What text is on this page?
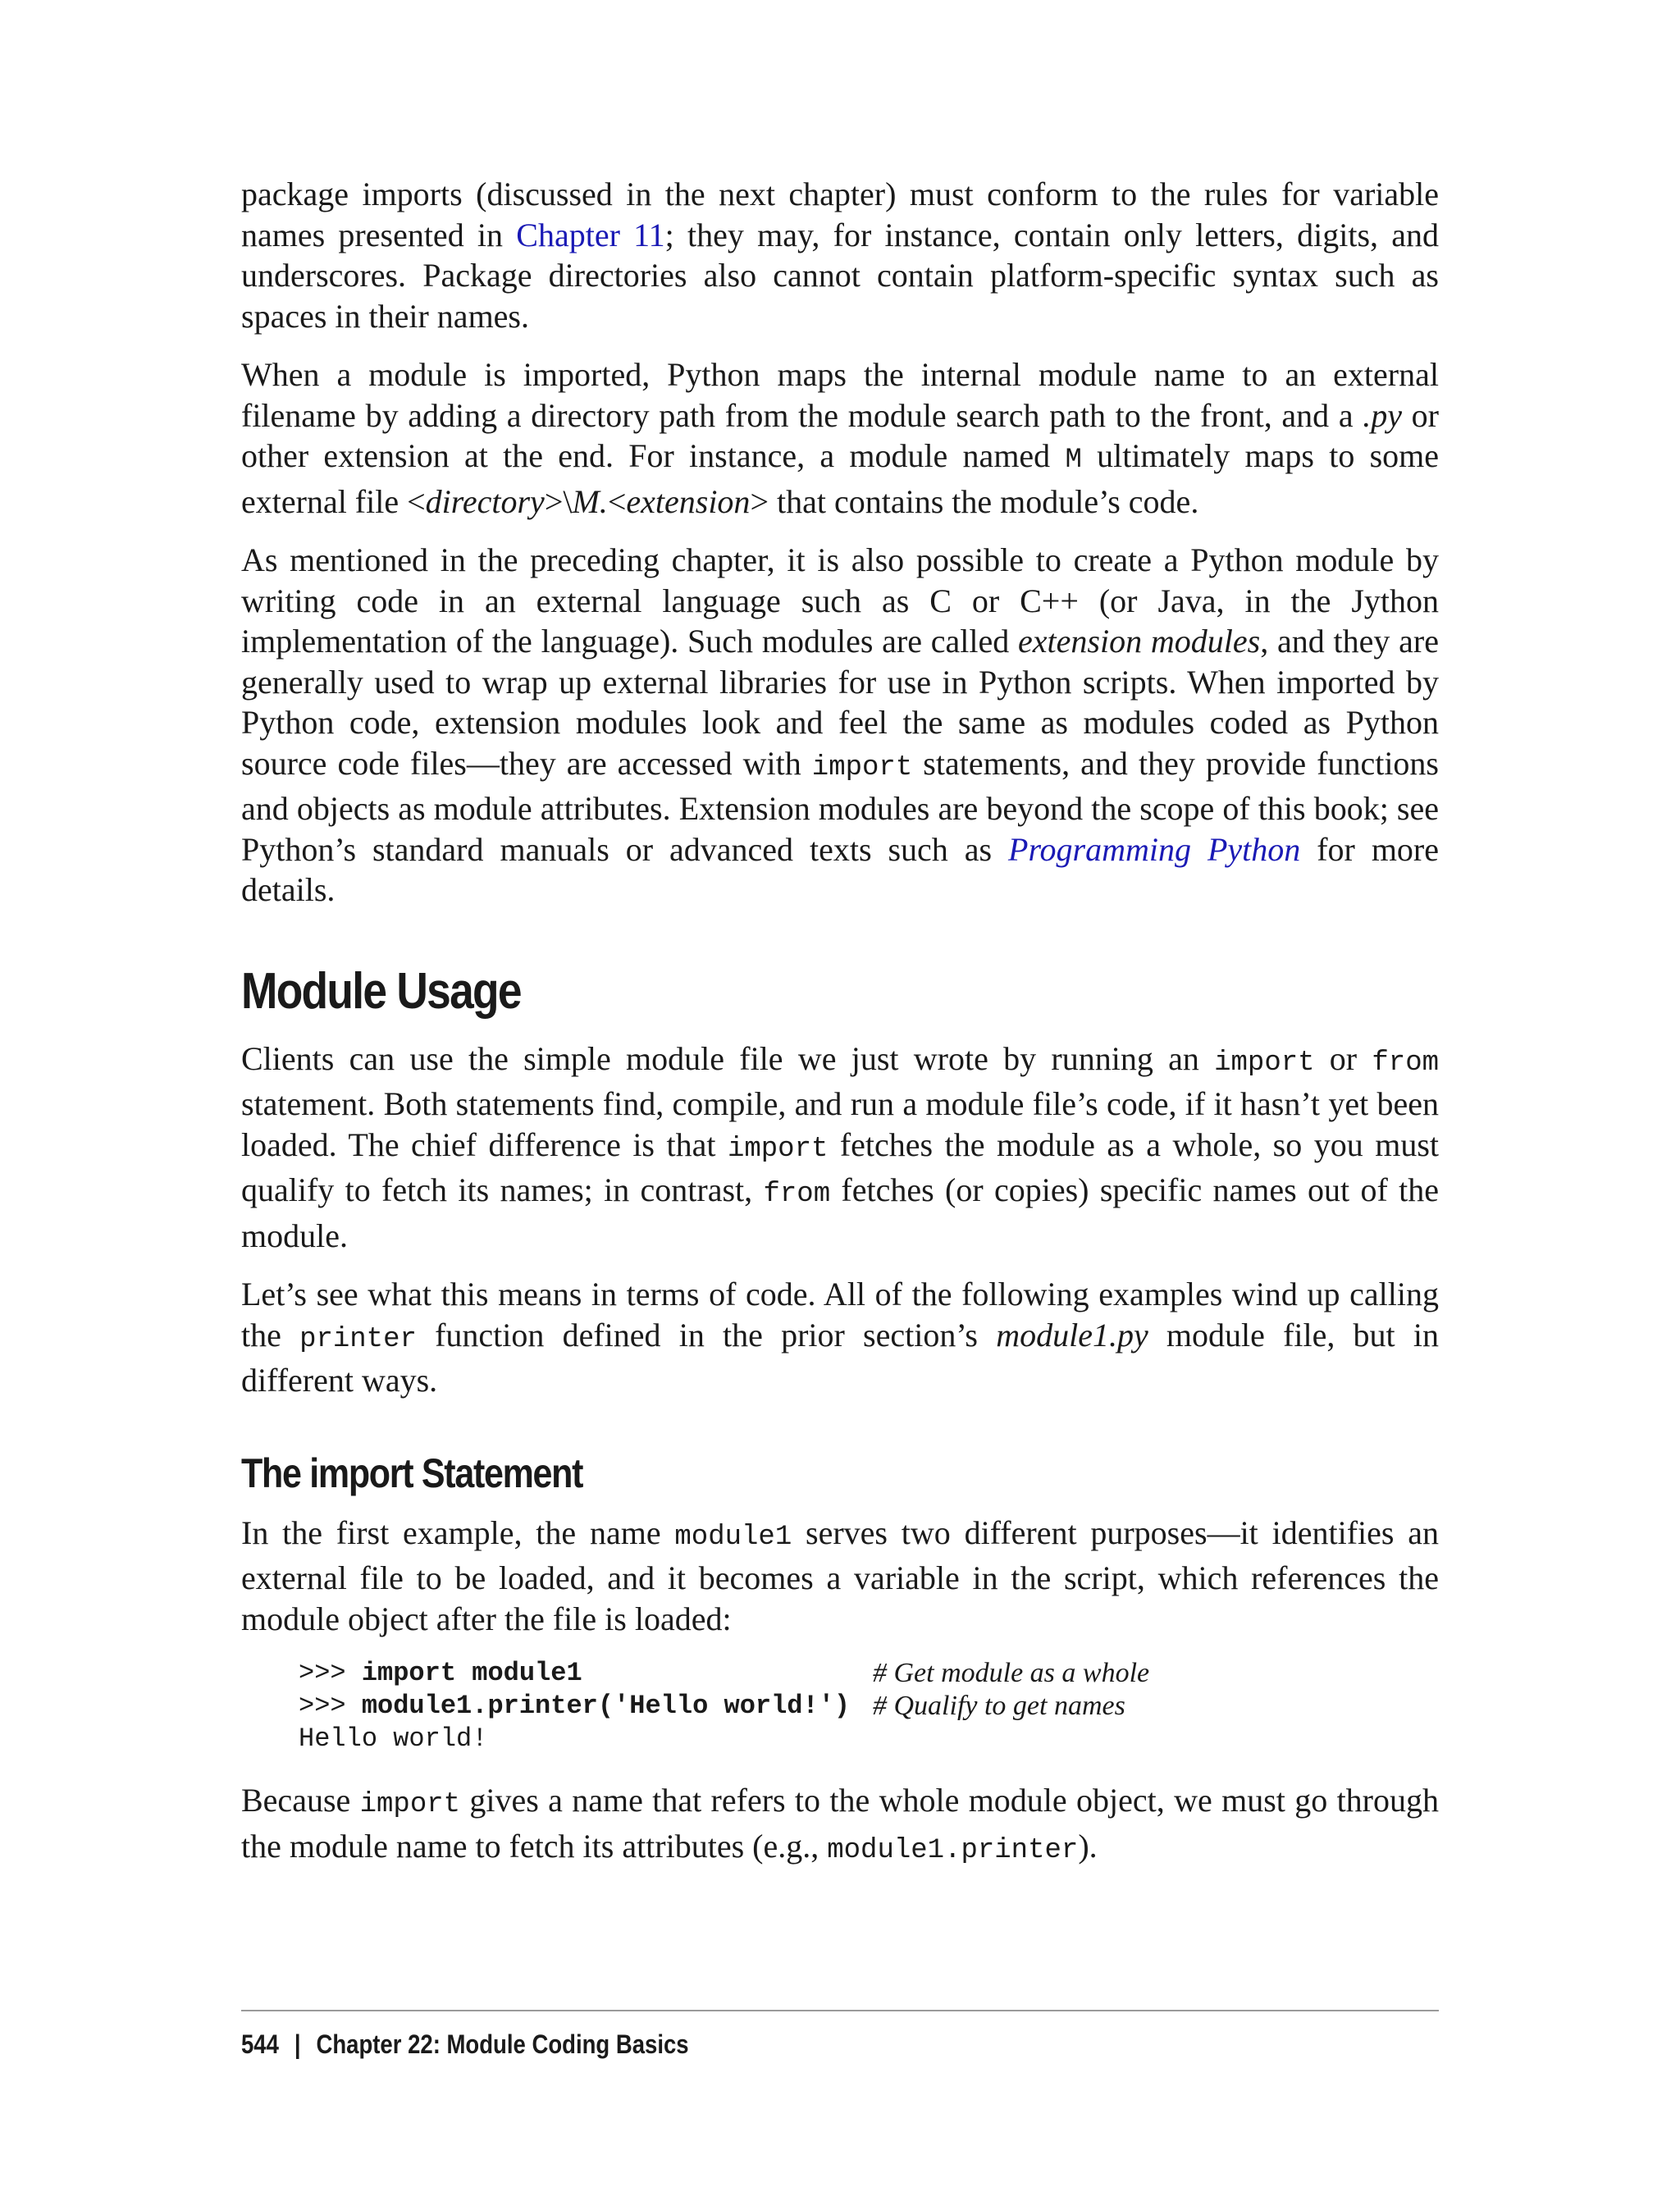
package imports (discussed in the next chapter) must conform to the rules for variable names presented in Chapter 11; they may, for instance, contain only letters, digits, and underscores. Package directories also cannot contain platform-specific syntax such as spaces in their names.

When a module is imported, Python maps the internal module name to an external filename by adding a directory path from the module search path to the front, and a .py or other extension at the end. For instance, a module named M ultimately maps to some external file <directory>\M.<extension> that contains the module’s code.

As mentioned in the preceding chapter, it is also possible to create a Python module by writing code in an external language such as C or C++ (or Java, in the Jython implementation of the language). Such modules are called extension modules, and they are generally used to wrap up external libraries for use in Python scripts. When imported by Python code, extension modules look and feel the same as modules coded as Python source code files—they are accessed with import statements, and they provide functions and objects as module attributes. Extension modules are beyond the scope of this book; see Python’s standard manuals or advanced texts such as Programming Python for more details.

Module Usage

Clients can use the simple module file we just wrote by running an import or from statement. Both statements find, compile, and run a module file’s code, if it hasn’t yet been loaded. The chief difference is that import fetches the module as a whole, so you must qualify to fetch its names; in contrast, from fetches (or copies) specific names out of the module.

Let’s see what this means in terms of code. All of the following examples wind up calling the printer function defined in the prior section’s module1.py module file, but in different ways.

The import Statement

In the first example, the name module1 serves two different purposes—it identifies an external file to be loaded, and it becomes a variable in the script, which references the module object after the file is loaded:

>>> import module1	# Get module as a whole
>>> module1.printer('Hello world!') # Qualify to get names
Hello world!

Because import gives a name that refers to the whole module object, we must go through the module name to fetch its attributes (e.g., module1.printer).

544 | Chapter 22: Module Coding Basics
